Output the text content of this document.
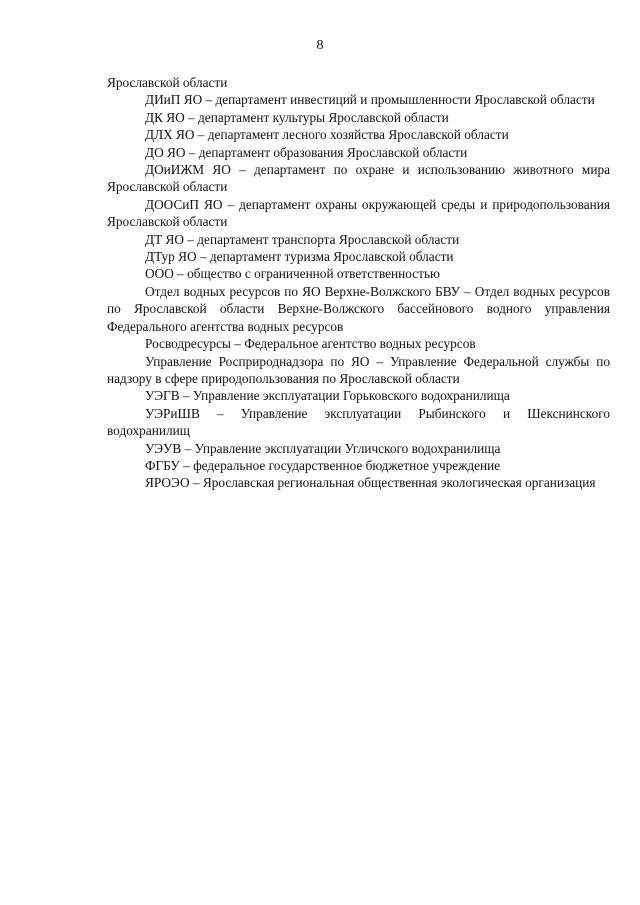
8

Ярославской области

ДИиП ЯО – департамент инвестиций и промышленности Ярославской области

ДК ЯО – департамент культуры Ярославской области

ДЛХ ЯО – департамент лесного хозяйства Ярославской области

ДО ЯО – департамент образования Ярославской области

ДОиИЖМ ЯО – департамент по охране и использованию животного мира Ярославской области

ДООСиП ЯО – департамент охраны окружающей среды и природопользования Ярославской области

ДТ ЯО – департамент транспорта Ярославской области

ДТур ЯО – департамент туризма Ярославской области

ООО – общество с ограниченной ответственностью

Отдел водных ресурсов по ЯО Верхне-Волжского БВУ – Отдел водных ресурсов по Ярославской области Верхне-Волжского бассейнового водного управления Федерального агентства водных ресурсов

Росводресурсы – Федеральное агентство водных ресурсов

Управление Росприроднадзора по ЯО – Управление Федеральной службы по надзору в сфере природопользования по Ярославской области

УЭГВ – Управление эксплуатации Горьковского водохранилища

УЭРиШВ – Управление эксплуатации Рыбинского и Шекснинского водохранилищ

УЭУВ – Управление эксплуатации Угличского водохранилища

ФГБУ – федеральное государственное бюджетное учреждение

ЯРОЭО – Ярославская региональная общественная экологическая организация
